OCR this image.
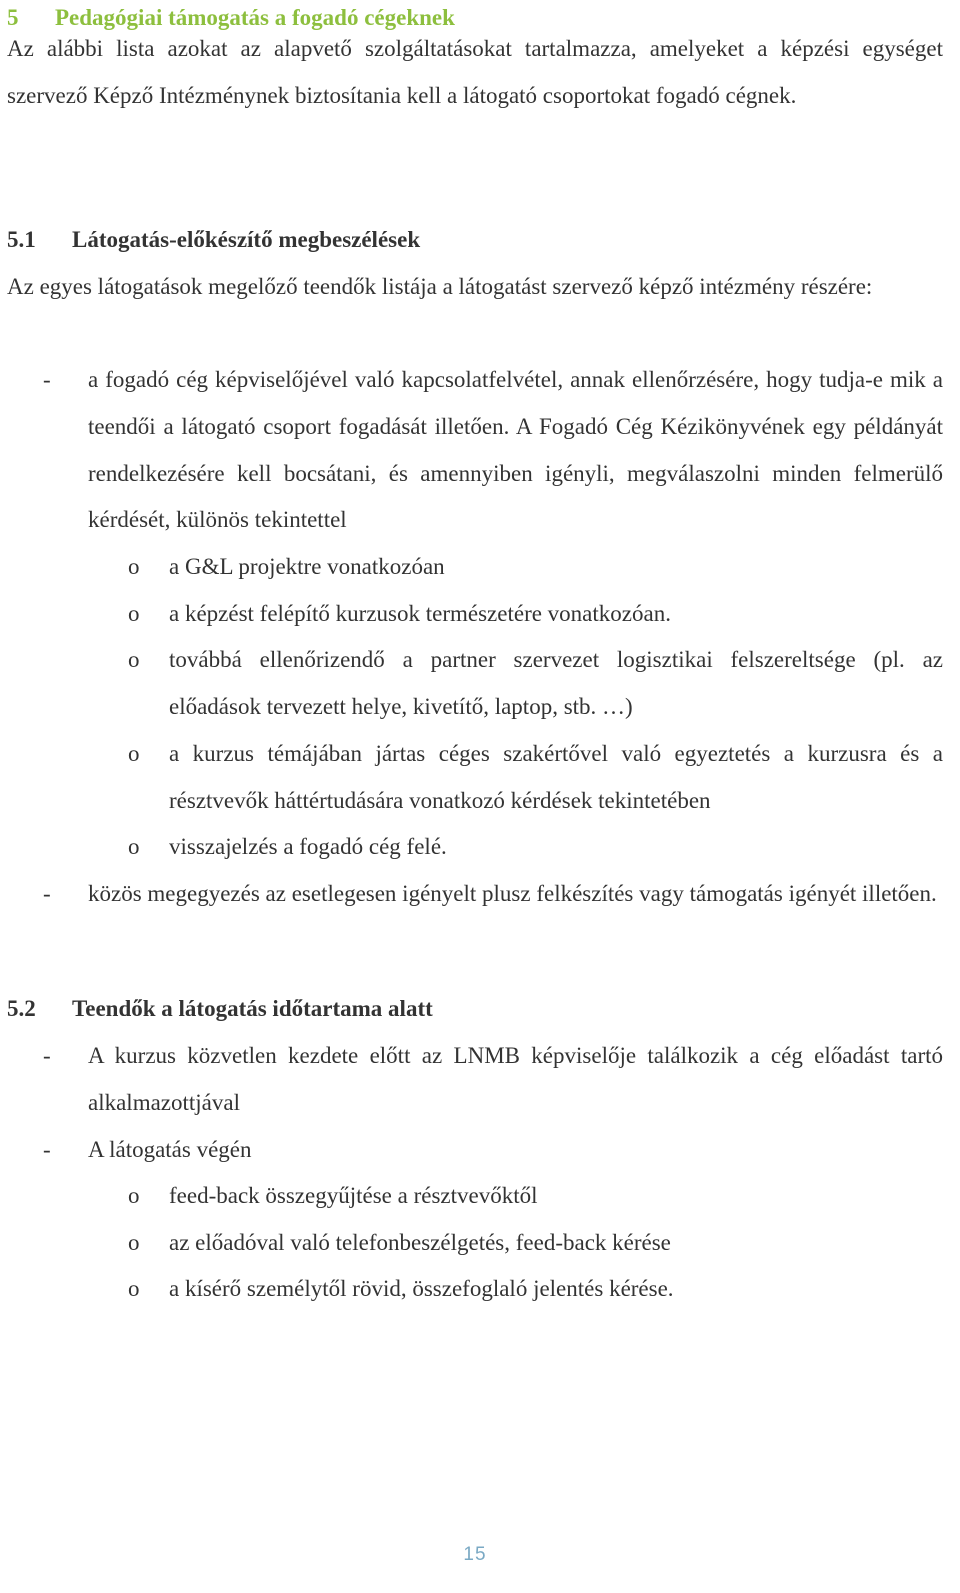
5 Pedagógiai támogatás a fogadó cégeknek

Az alábbi lista azokat az alapvető szolgáltatásokat tartalmazza, amelyeket a képzési egységet szervező Képző Intézménynek biztosítania kell a látogató csoportokat fogadó cégnek.

5.1 Látogatás-előkészítő megbeszélések

Az egyes látogatások megelőző teendők listája a látogatást szervező képző intézmény részére:

- a fogadó cég képviselőjével való kapcsolatfelvétel, annak ellenőrzésére, hogy tudja-e mik a teendői a látogató csoport fogadását illetően. A Fogadó Cég Kézikönyvének egy példányát rendelkezésére kell bocsátani, és amennyiben igényli, megválaszolni minden felmerülő kérdését, különös tekintettel

o a G&L projektre vonatkozóan

o a képzést felépítő kurzusok természetére vonatkozóan.

o továbbá ellenőrizendő a partner szervezet logisztikai felszereltsége (pl. az előadások tervezett helye, kivetítő, laptop, stb. …)

o a kurzus témájában jártas céges szakértővel való egyeztetés a kurzusra és a résztvevők háttértudására vonatkozó kérdések tekintetében

o visszajelzés a fogadó cég felé.

- közös megegyezés az esetlegesen igényelt plusz felkészítés vagy támogatás igényét illetően.

5.2 Teendők a látogatás időtartama alatt
- A kurzus közvetlen kezdete előtt az LNMB képviselője találkozik a cég előadást tartó alkalmazottjával

- A látogatás végén

o feed-back összegyűjtése a résztvevőktől

o az előadóval való telefonbeszélgetés, feed-back kérése

o a kísérő személytől rövid, összefoglaló jelentés kérése.

15
